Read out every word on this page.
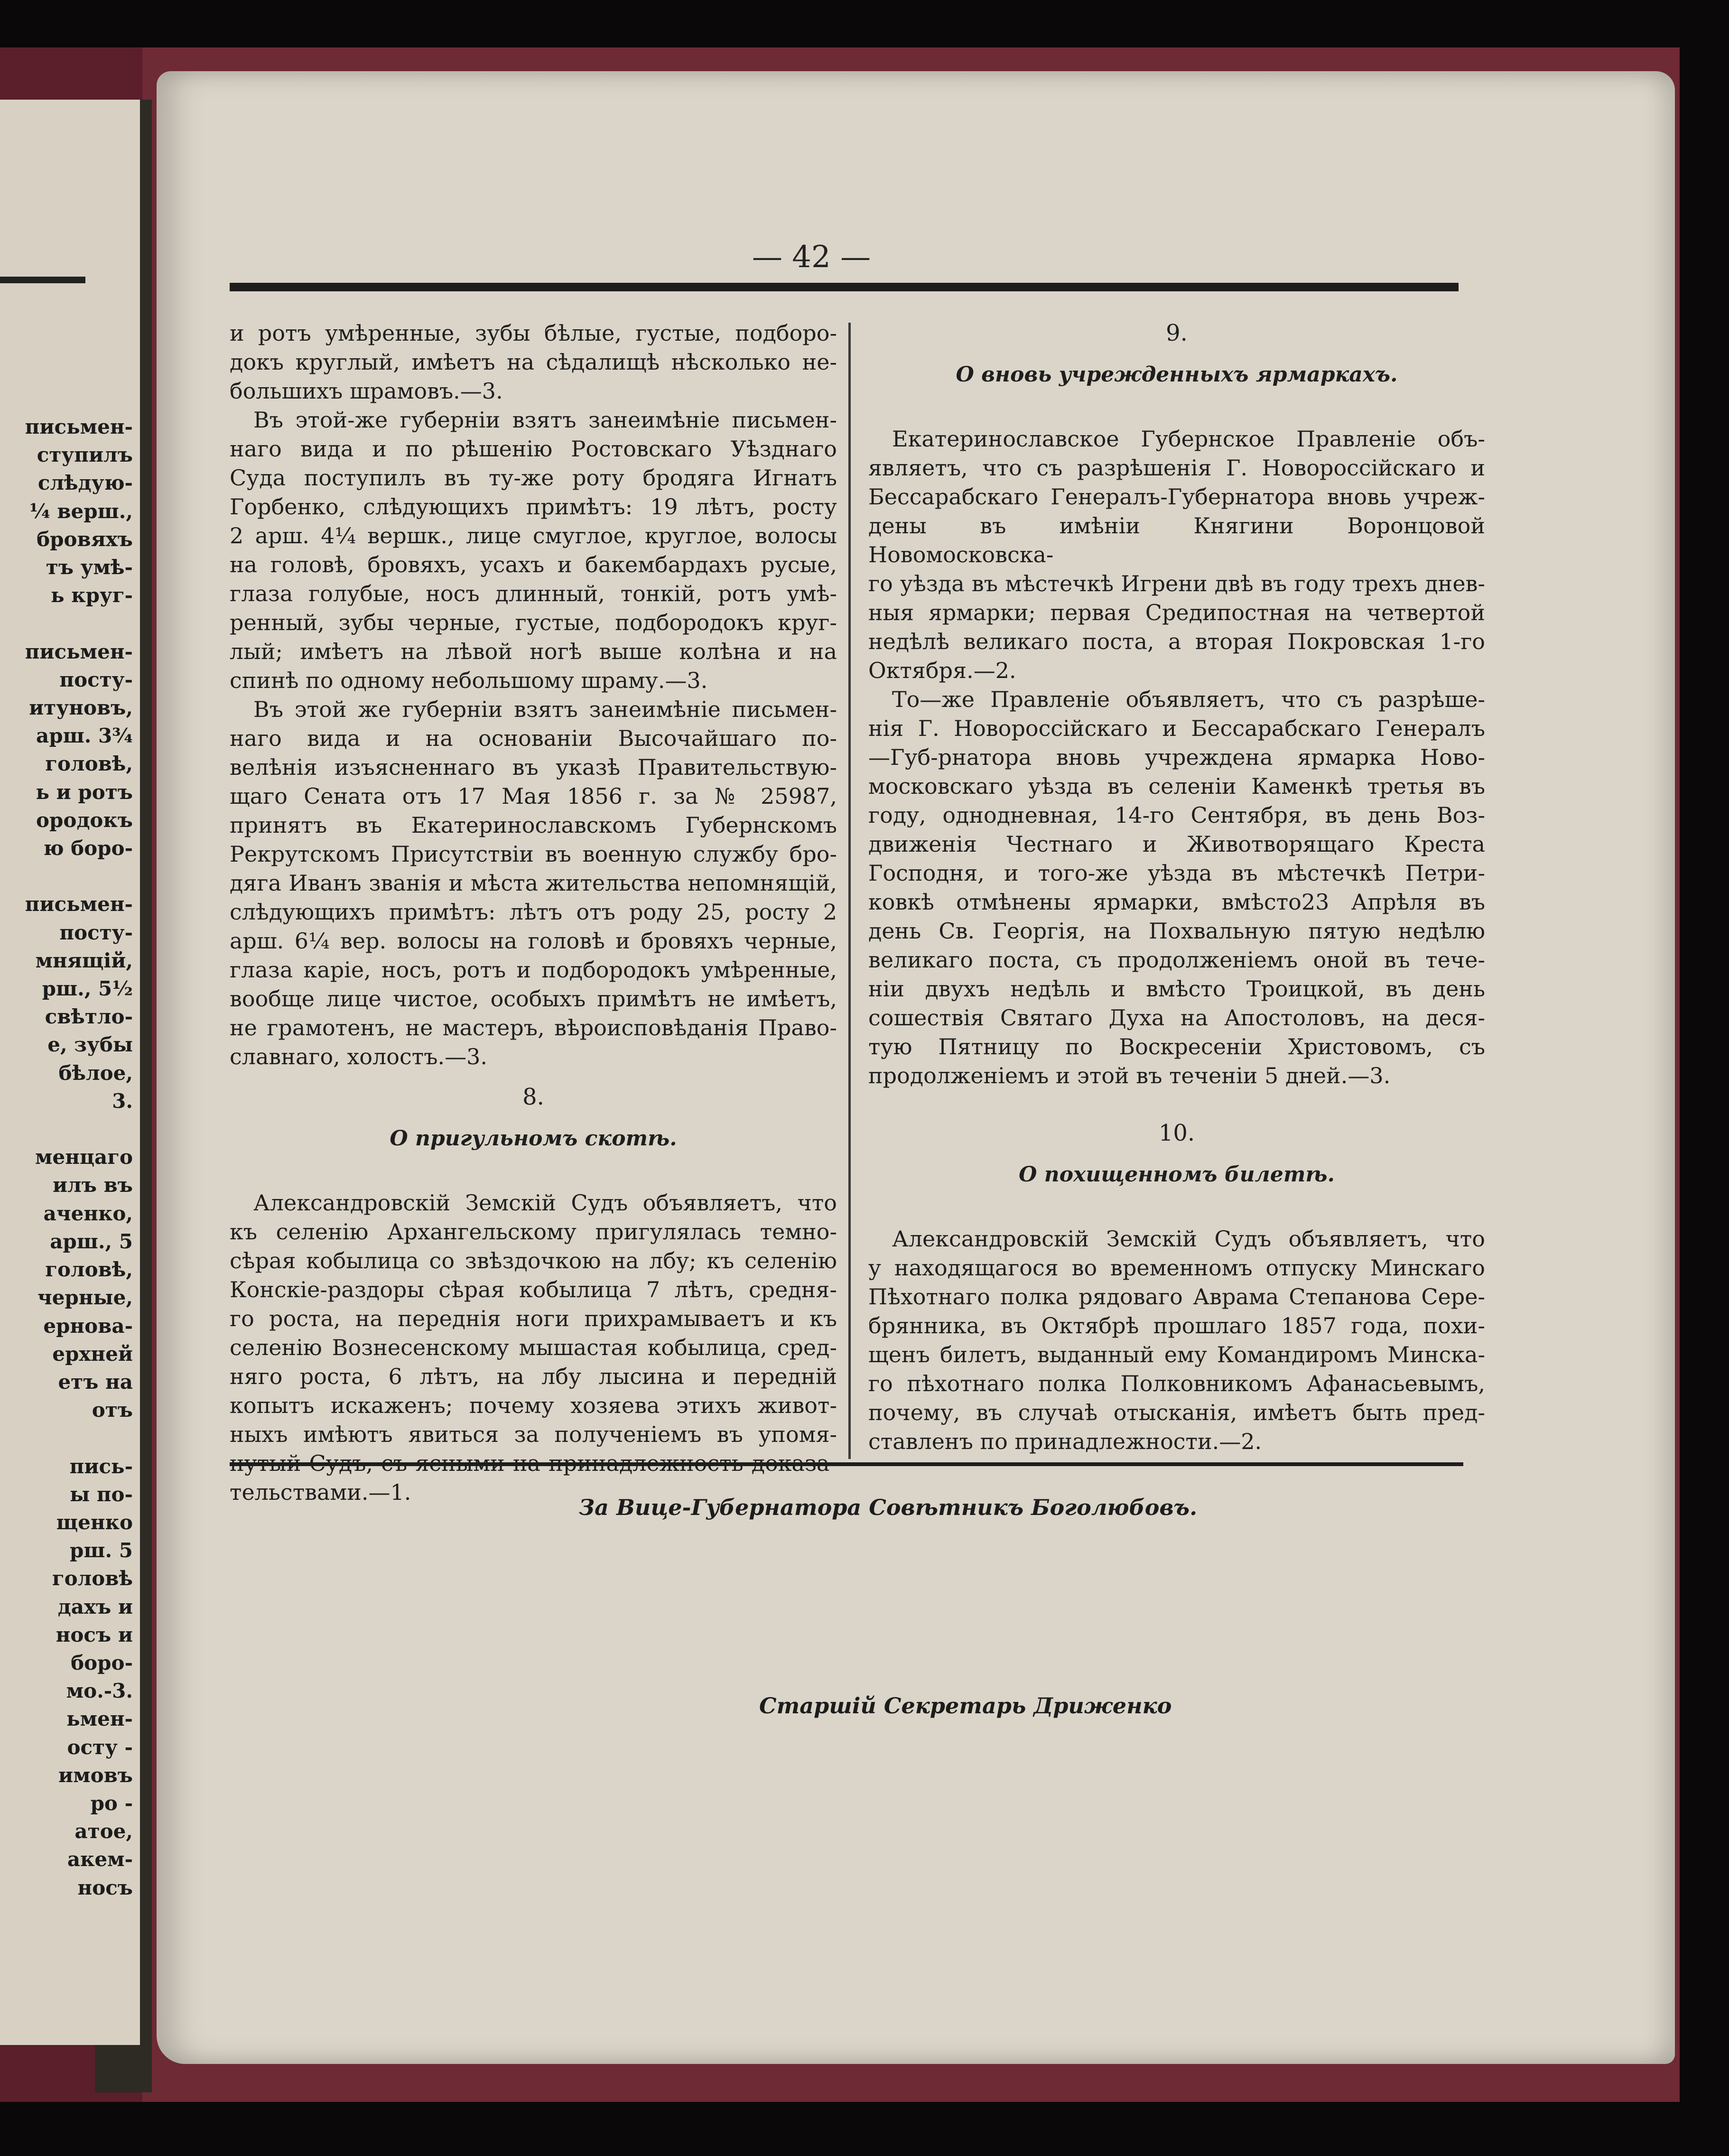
письмен-
ступилъ
слѣдую-
¼ верш.,
бровяхъ
тъ умѣ-
ь круг-

письмен-
посту-
итуновъ,
арш. 3¾
головѣ,
ь и ротъ
ородокъ
ю боро-

письмен-
посту-
мнящій,
рш., 5½
свѣтло-
е, зубы
бѣлое,
3.

менцаго
илъ въ
аченко,
арш., 5
головѣ,
черные,
ернова-
ерхней
етъ на
отъ

пись-
ы по-
щенко
рш. 5
головѣ
дахъ и
носъ и
боро-
мо.-3.
ьмен-
осту -
имовъ
ро -
атое,
акем-
носъ
— 42 —

и ротъ умѣренные, зубы бѣлые, густые, подборо-

докъ круглый, имѣетъ на сѣдалищѣ нѣсколько не-

большихъ шрамовъ.—3.

Въ этой-же губерніи взятъ занеимѣніе письмен-

наго вида и по рѣшенію Ростовскаго Уѣзднаго

Суда поступилъ въ ту-же роту бродяга Игнатъ

Горбенко, слѣдующихъ примѣтъ: 19 лѣтъ, росту

2 арш. 4¼ вершк., лице смуглое, круглое, волосы

на головѣ, бровяхъ, усахъ и бакембардахъ русые,

глаза голубые, носъ длинный, тонкій, ротъ умѣ-

ренный, зубы черные, густые, подбородокъ круг-

лый; имѣетъ на лѣвой ногѣ выше колѣна и на

спинѣ по одному небольшому шраму.—3.

Въ этой же губерніи взятъ занеимѣніе письмен-

наго вида и на основаніи Высочайшаго по-

велѣнія изъясненнаго въ указѣ Правительствую-

щаго Сената отъ 17 Мая 1856 г. за № 25987,

принятъ въ Екатеринославскомъ Губернскомъ

Рекрутскомъ Присутствіи въ военную службу бро-

дяга Иванъ званія и мѣста жительства непомнящій,

слѣдующихъ примѣтъ: лѣтъ отъ роду 25, росту 2

арш. 6¼ вер. волосы на головѣ и бровяхъ черные,

глаза каріе, носъ, ротъ и подбородокъ умѣренные,

вообще лице чистое, особыхъ примѣтъ не имѣетъ,

не грамотенъ, не мастеръ, вѣроисповѣданія Право-

славнаго, холостъ.—3.

8.
О пригульномъ скотѣ.

Александровскій Земскій Судъ объявляетъ, что

къ селенію Архангельскому пригулялась темно-

сѣрая кобылица со звѣздочкою на лбу; къ селенію

Конскіе-раздоры сѣрая кобылица 7 лѣтъ, средня-

го роста, на переднія ноги прихрамываетъ и къ

селенію Вознесенскому мышастая кобылица, сред-

няго роста, 6 лѣтъ, на лбу лысина и передній

копытъ искаженъ; почему хозяева этихъ живот-

ныхъ имѣютъ явиться за полученіемъ въ упомя-

нутый Судъ, съ ясными на принадлежность доказа-

тельствами.—1.

9.
О вновь учрежденныхъ ярмаркахъ.

Екатеринославское Губернское Правленіе объ-

являетъ, что съ разрѣшенія Г. Новороссійскаго и

Бессарабскаго Генералъ-Губернатора вновь учреж-

дены въ имѣніи Княгини Воронцовой Новомосковска-

го уѣзда въ мѣстечкѣ Игрени двѣ въ году трехъ днев-

ныя ярмарки; первая Средипостная на четвертой

недѣлѣ великаго поста, а вторая Покровская 1-го

Октября.—2.

То—же Правленіе объявляетъ, что съ разрѣше-

нія Г. Новороссійскаго и Бессарабскаго Генералъ

—Губ-рнатора вновь учреждена ярмарка Ново-

московскаго уѣзда въ селеніи Каменкѣ третья въ

году, однодневная, 14-го Сентября, въ день Воз-

движенія Честнаго и Животворящаго Креста

Господня, и того-же уѣзда въ мѣстечкѣ Петри-

ковкѣ отмѣнены ярмарки, вмѣсто23 Апрѣля въ

день Св. Георгія, на Похвальную пятую недѣлю

великаго поста, съ продолженіемъ оной въ тече-

ніи двухъ недѣль и вмѣсто Троицкой, въ день

сошествія Святаго Духа на Апостоловъ, на деся-

тую Пятницу по Воскресеніи Христовомъ, съ

продолженіемъ и этой въ теченіи 5 дней.—3.

10.
О похищенномъ билетѣ.

Александровскій Земскій Судъ объявляетъ, что

у находящагося во временномъ отпуску Минскаго

Пѣхотнаго полка рядоваго Аврама Степанова Сере-

брянника, въ Октябрѣ прошлаго 1857 года, похи-

щенъ билетъ, выданный ему Командиромъ Минска-

го пѣхотнаго полка Полковникомъ Афанасьевымъ,

почему, въ случаѣ отысканія, имѣетъ быть пред-

ставленъ по принадлежности.—2.

За Вице-Губернатора Совѣтникъ Боголюбовъ.
Старшій Секретарь Дриженко
